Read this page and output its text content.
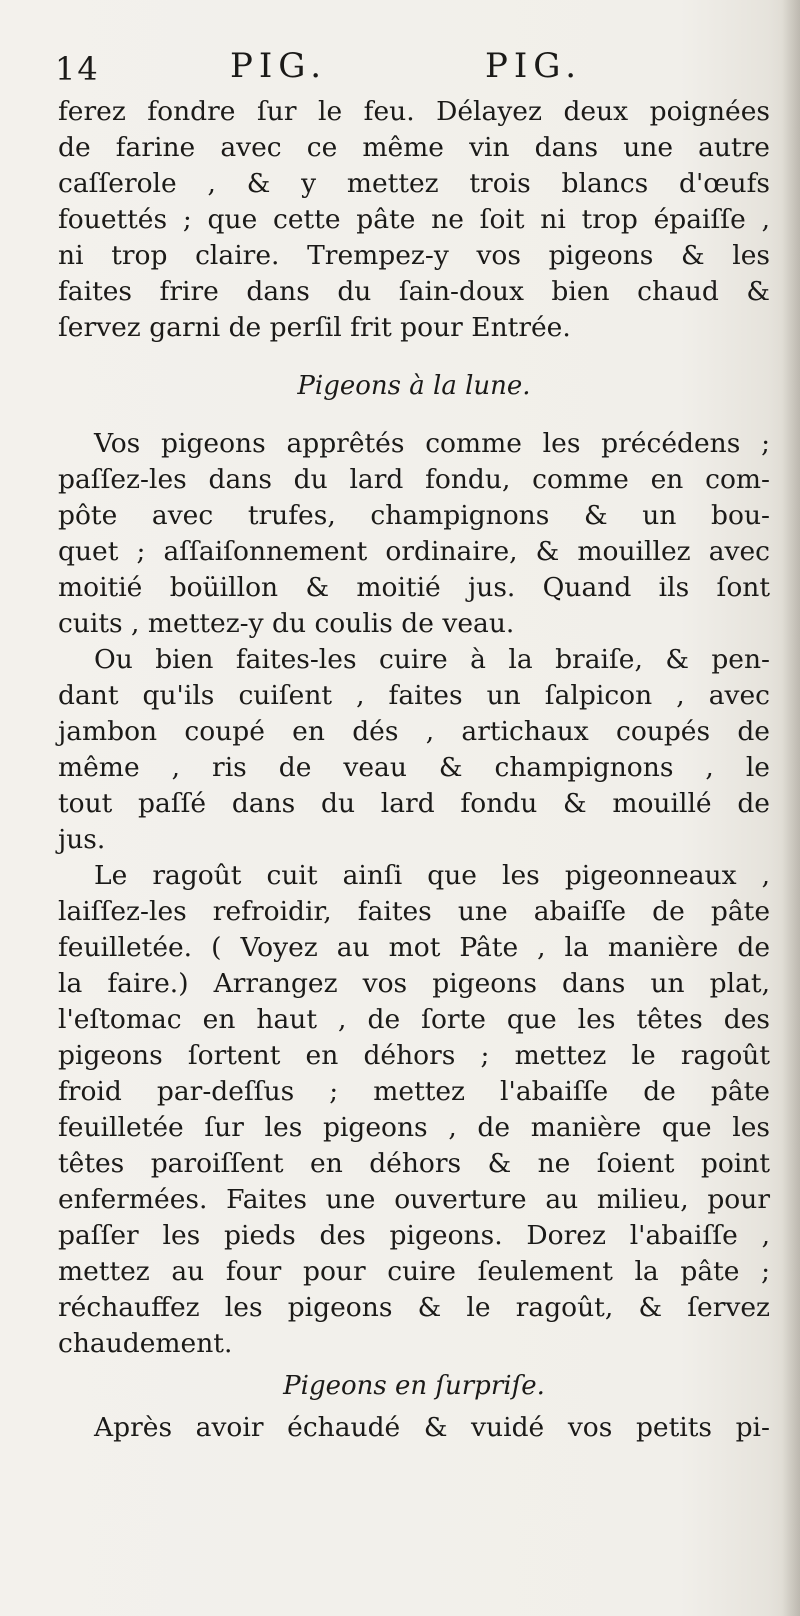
14	PIG.	PIG.
ferez fondre ſur le feu. Délayez deux poignées
de farine avec ce même vin dans une autre
caſſerole , & y mettez trois blancs d'œufs
fouettés ; que cette pâte ne ſoit ni trop épaiſſe ,
ni trop claire. Trempez-y vos pigeons & les
faites frire dans du ſain-doux bien chaud &
ſervez garni de perſil frit pour Entrée.
Pigeons à la lune.
Vos pigeons apprêtés comme les précédens ;
paſſez-les dans du lard fondu, comme en com-
pôte avec trufes, champignons & un bou-
quet ; aſſaiſonnement ordinaire, & mouillez avec
moitié boüillon & moitié jus. Quand ils ſont
cuits , mettez-y du coulis de veau.
Ou bien faites-les cuire à la braiſe, & pen-
dant qu'ils cuiſent , faites un ſalpicon , avec
jambon coupé en dés , artichaux coupés de
même , ris de veau & champignons , le
tout paſſé dans du lard fondu & mouillé de
jus.
Le ragoût cuit ainſi que les pigeonneaux ,
laiſſez-les refroidir, faites une abaiſſe de pâte
feuilletée. ( Voyez au mot Pâte , la manière de
la faire.) Arrangez vos pigeons dans un plat,
l'eſtomac en haut , de ſorte que les têtes des
pigeons ſortent en déhors ; mettez le ragoût
froid par-deſſus ; mettez l'abaiſſe de pâte
feuilletée ſur les pigeons , de manière que les
têtes paroiſſent en déhors & ne ſoient point
enfermées. Faites une ouverture au milieu, pour
paſſer les pieds des pigeons. Dorez l'abaiſſe ,
mettez au four pour cuire ſeulement la pâte ;
réchauffez les pigeons & le ragoût, & ſervez
chaudement.
Pigeons en ſurpriſe.
Après avoir échaudé & vuidé vos petits pi-
